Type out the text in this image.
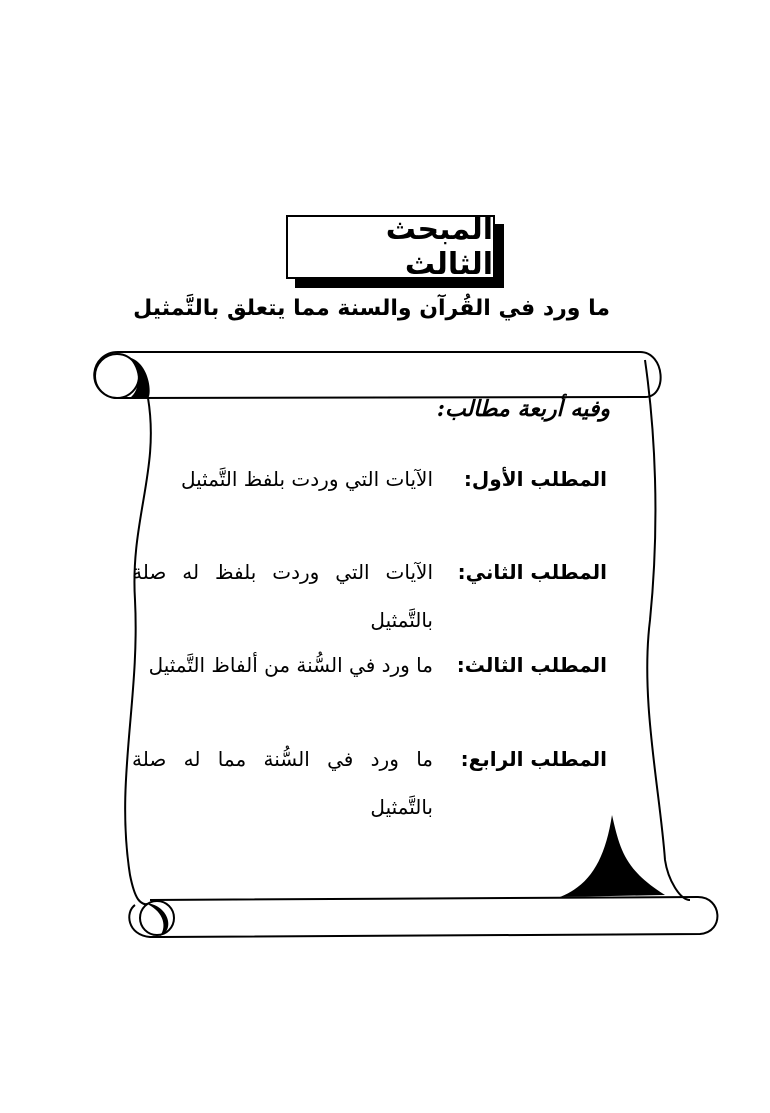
المبحث الثالث
ما ورد في القُرآن والسنة مما يتعلق بالتَّمثيل
وفيه أربعة مطالب:
المطلب الأول:
الآيات التي وردت بلفظ التَّمثيل
المطلب الثاني:
الآيات التي وردت بلفظ له صلة بالتَّمثيل
المطلب الثالث:
ما ورد في السُّنة من ألفاظ التَّمثيل
المطلب الرابع:
ما ورد في السُّنة مما له صلة بالتَّمثيل
